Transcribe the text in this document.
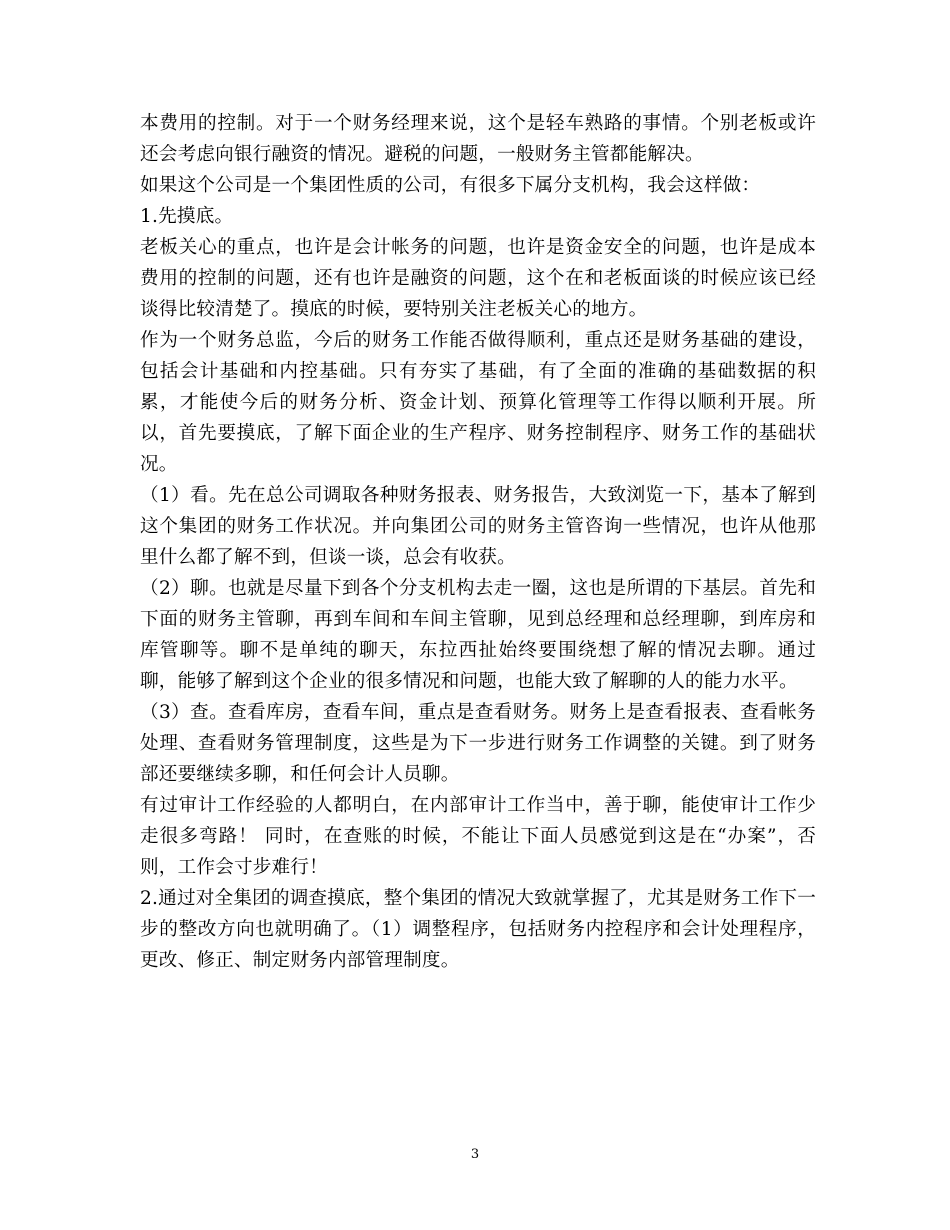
本费用的控制。对于一个财务经理来说，这个是轻车熟路的事情。个别老板或许还会考虑向银行融资的情况。避税的问题，一般财务主管都能解决。

如果这个公司是一个集团性质的公司，有很多下属分支机构，我会这样做：

1.先摸底。

老板关心的重点，也许是会计帐务的问题，也许是资金安全的问题，也许是成本费用的控制的问题，还有也许是融资的问题，这个在和老板面谈的时候应该已经谈得比较清楚了。摸底的时候，要特别关注老板关心的地方。

作为一个财务总监，今后的财务工作能否做得顺利，重点还是财务基础的建设，包括会计基础和内控基础。只有夯实了基础，有了全面的准确的基础数据的积累，才能使今后的财务分析、资金计划、预算化管理等工作得以顺利开展。所以，首先要摸底，了解下面企业的生产程序、财务控制程序、财务工作的基础状况。

（1）看。先在总公司调取各种财务报表、财务报告，大致浏览一下，基本了解到这个集团的财务工作状况。并向集团公司的财务主管咨询一些情况，也许从他那里什么都了解不到，但谈一谈，总会有收获。

（2）聊。也就是尽量下到各个分支机构去走一圈，这也是所谓的下基层。首先和下面的财务主管聊，再到车间和车间主管聊，见到总经理和总经理聊，到库房和库管聊等。聊不是单纯的聊天，东拉西扯始终要围绕想了解的情况去聊。通过聊，能够了解到这个企业的很多情况和问题，也能大致了解聊的人的能力水平。

（3）查。查看库房，查看车间，重点是查看财务。财务上是查看报表、查看帐务处理、查看财务管理制度，这些是为下一步进行财务工作调整的关键。到了财务部还要继续多聊，和任何会计人员聊。

有过审计工作经验的人都明白，在内部审计工作当中，善于聊，能使审计工作少走很多弯路！ 同时，在查账的时候，不能让下面人员感觉到这是在“办案”，否则，工作会寸步难行！

2.通过对全集团的调查摸底，整个集团的情况大致就掌握了，尤其是财务工作下一步的整改方向也就明确了。（1）调整程序，包括财务内控程序和会计处理程序，更改、修正、制定财务内部管理制度。

3
